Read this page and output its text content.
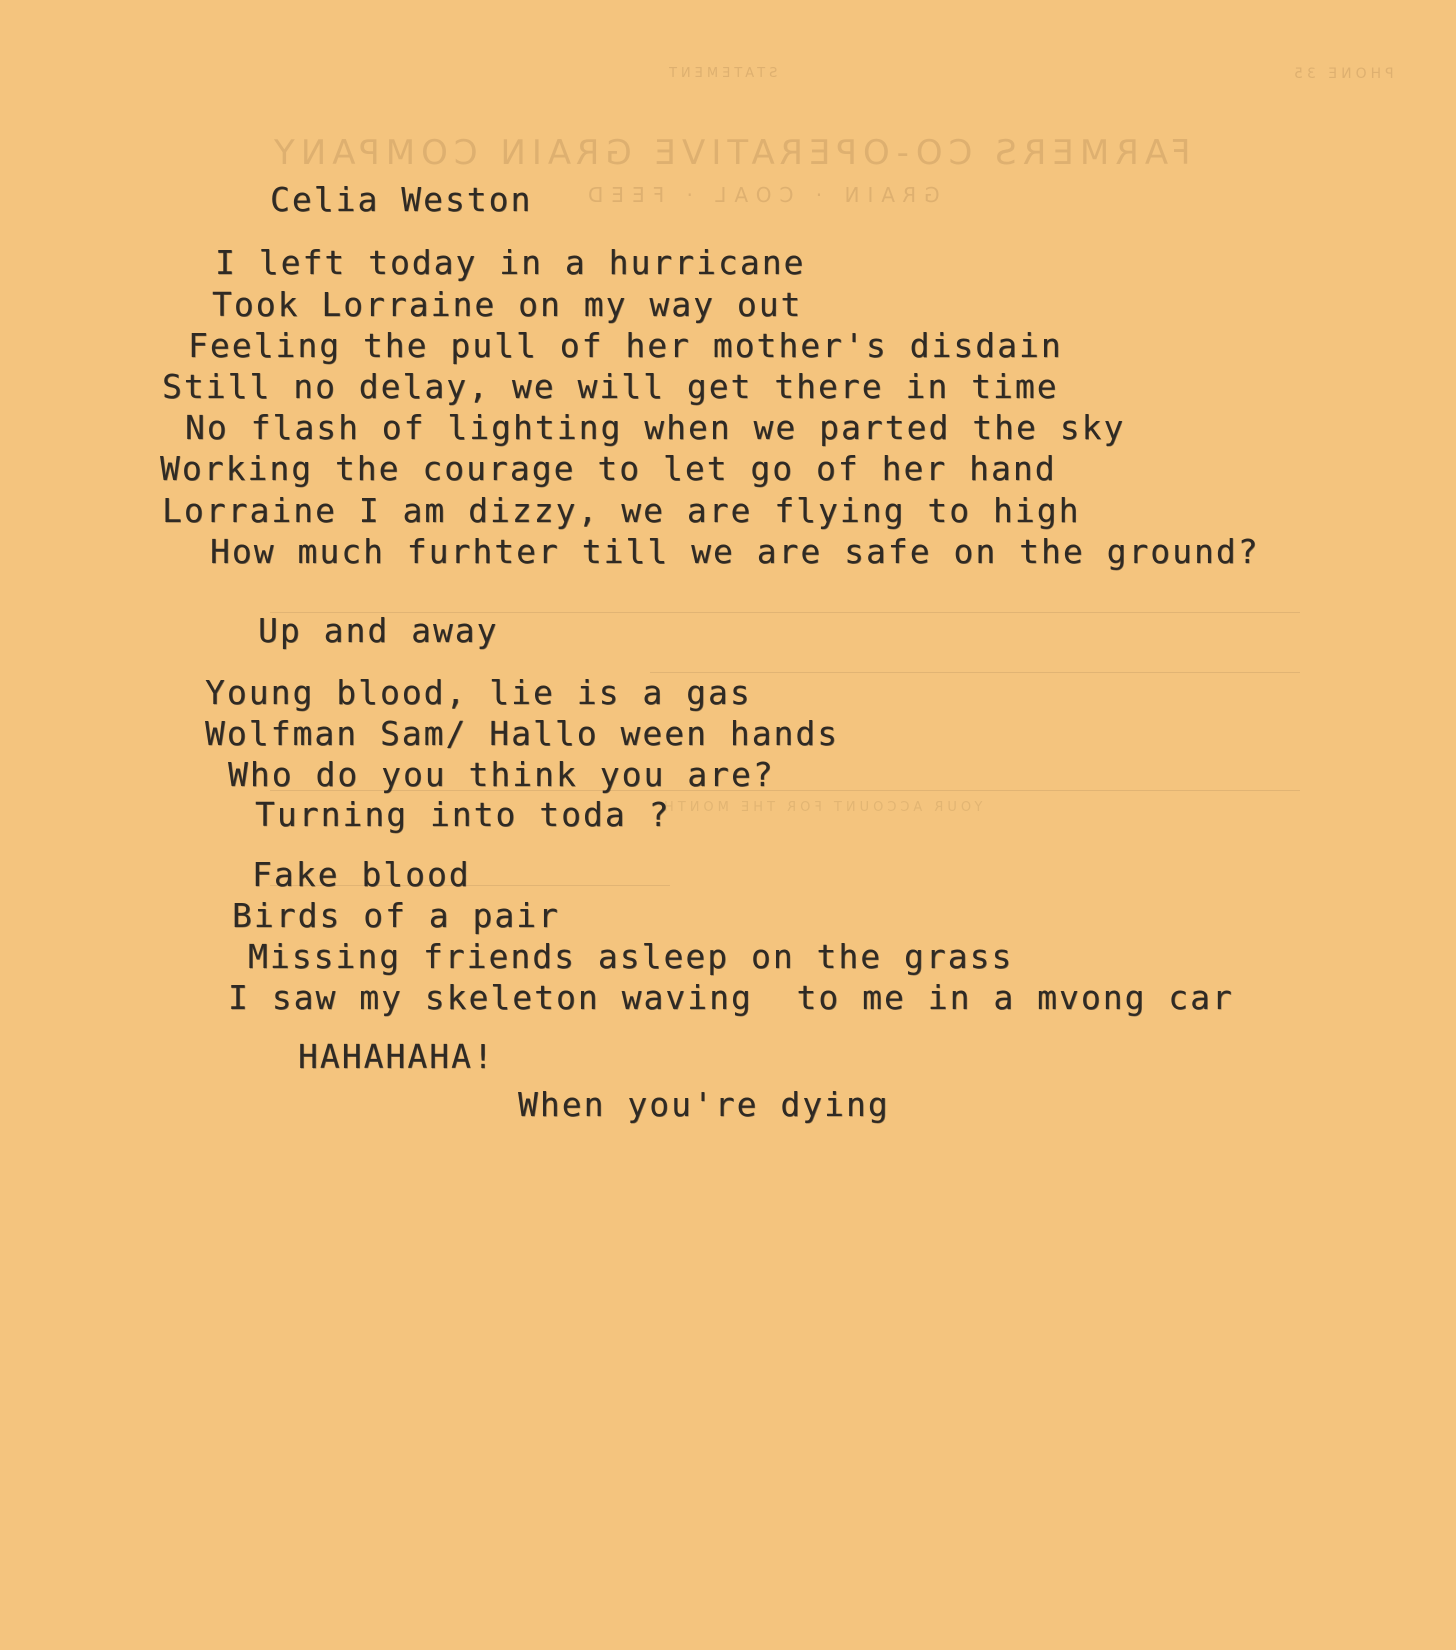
STATEMENT	PHONE 35
FARMERS CO-OPERATIVE GRAIN COMPANY
GRAIN · COAL · FEED
YOUR ACCOUNT FOR THE MONTH
Celia Weston
I left today in a hurricane
Took Lorraine on my way out
Feeling the pull of her mother's disdain
Still no delay, we will get there in time
No flash of lighting when we parted the sky
Working the courage to let go of her hand
Lorraine I am dizzy, we are flying to high
How much furhter till we are safe on the ground?
Up and away
Young blood, lie is a gas
Wolfman Sam/ Hallo ween hands
Who do you think you are?
Turning into toda ?
Fake blood
Birds of a pair
Missing friends asleep on the grass
I saw my skeleton waving  to me in a mvong car
HAHAHAHA!
When you're dying
